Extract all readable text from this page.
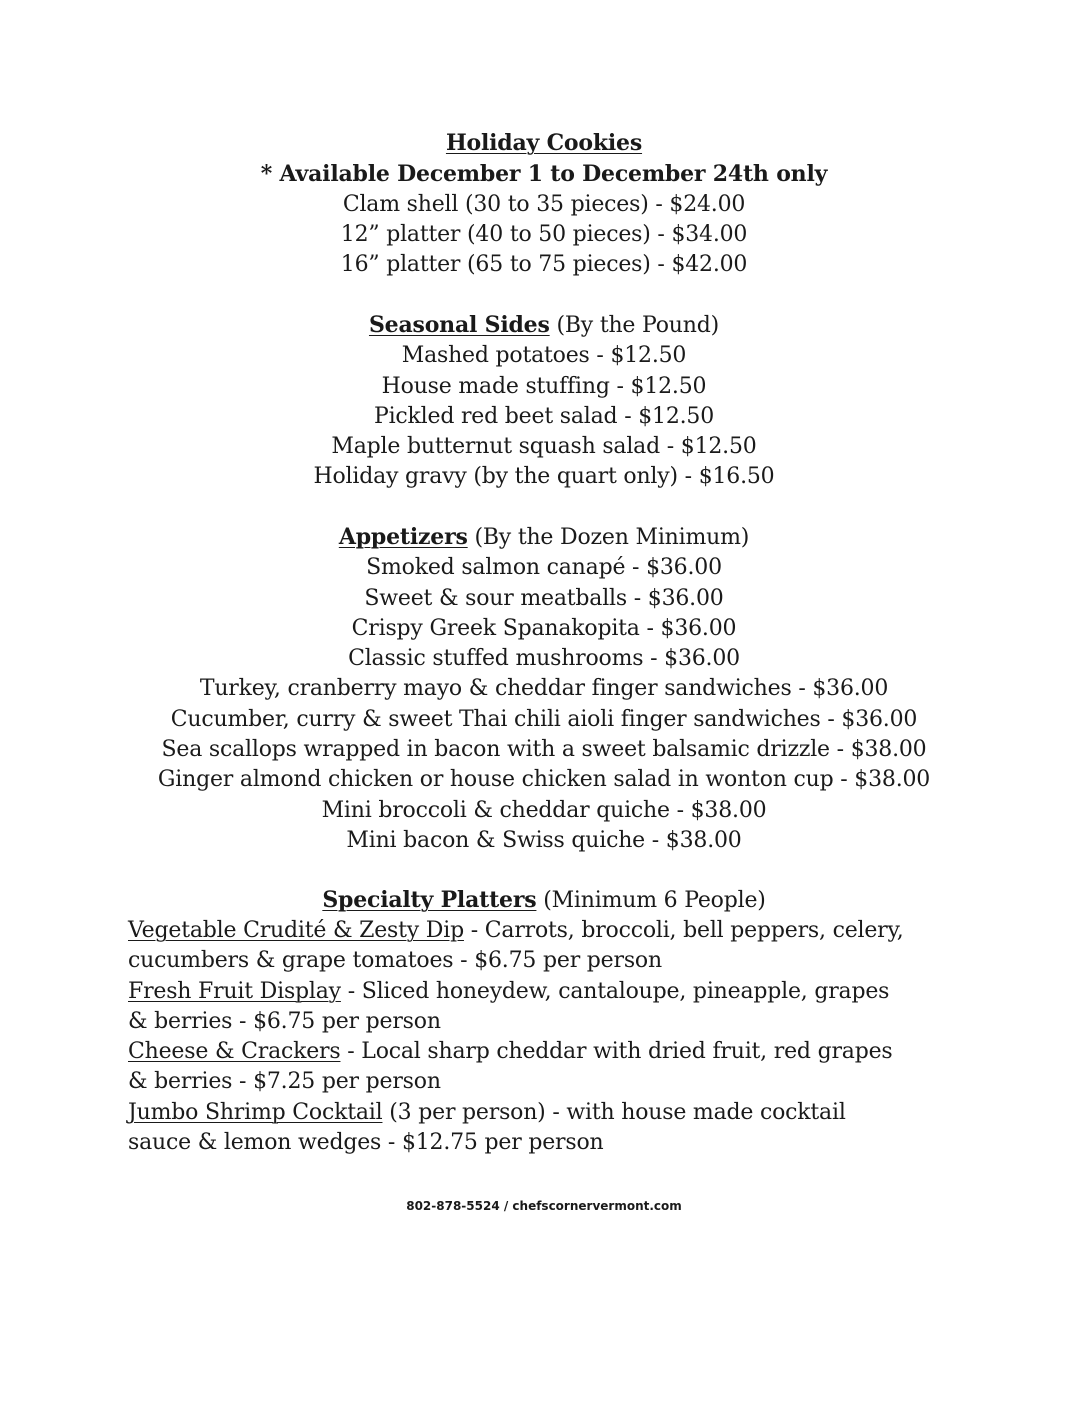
Holiday Cookies
* Available December 1 to December 24th only
Clam shell (30 to 35 pieces) - $24.00
12” platter (40 to 50 pieces) - $34.00
16” platter (65 to 75 pieces) - $42.00
Seasonal Sides (By the Pound)
Mashed potatoes - $12.50
House made stuffing - $12.50
Pickled red beet salad - $12.50
Maple butternut squash salad - $12.50
Holiday gravy (by the quart only) - $16.50
Appetizers (By the Dozen Minimum)
Smoked salmon canapé - $36.00
Sweet & sour meatballs - $36.00
Crispy Greek Spanakopita - $36.00
Classic stuffed mushrooms - $36.00
Turkey, cranberry mayo & cheddar finger sandwiches - $36.00
Cucumber, curry & sweet Thai chili aioli finger sandwiches - $36.00
Sea scallops wrapped in bacon with a sweet balsamic drizzle - $38.00
Ginger almond chicken or house chicken salad in wonton cup - $38.00
Mini broccoli & cheddar quiche - $38.00
Mini bacon & Swiss quiche - $38.00
Specialty Platters (Minimum 6 People)
Vegetable Crudité & Zesty Dip - Carrots, broccoli, bell peppers, celery,
cucumbers & grape tomatoes - $6.75 per person
Fresh Fruit Display - Sliced honeydew, cantaloupe, pineapple, grapes
& berries - $6.75 per person
Cheese & Crackers - Local sharp cheddar with dried fruit, red grapes
& berries - $7.25 per person
Jumbo Shrimp Cocktail (3 per person) - with house made cocktail
sauce & lemon wedges - $12.75 per person
802-878-5524 / chefscornervermont.com
